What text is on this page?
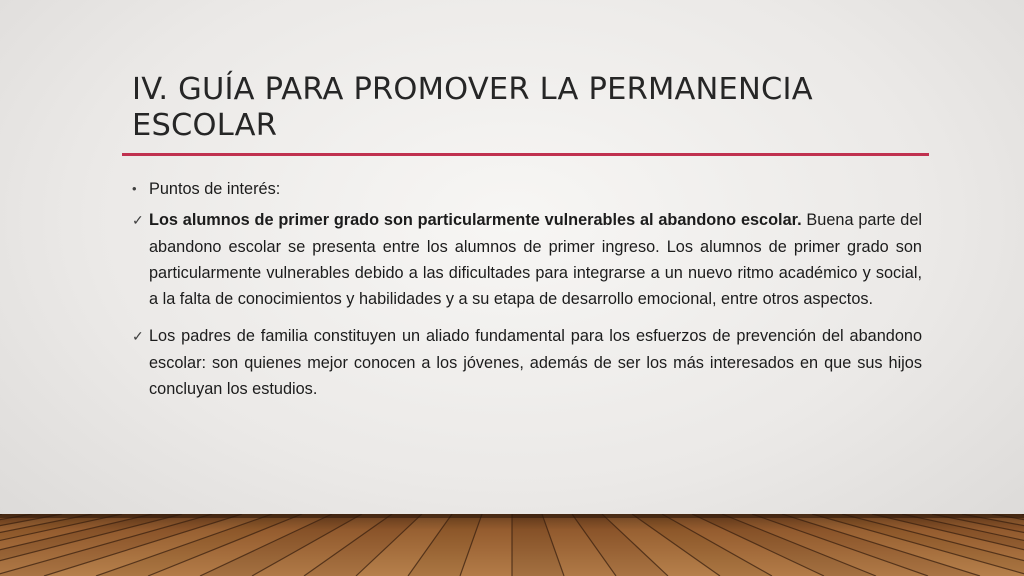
IV. GUÍA PARA PROMOVER LA PERMANENCIA ESCOLAR
• Puntos de interés:
✓ Los alumnos de primer grado son particularmente vulnerables al abandono escolar. Buena parte del abandono escolar se presenta entre los alumnos de primer ingreso. Los alumnos de primer grado son particularmente vulnerables debido a las dificultades para integrarse a un nuevo ritmo académico y social, a la falta de conocimientos y habilidades y a su etapa de desarrollo emocional, entre otros aspectos.
✓ Los padres de familia constituyen un aliado fundamental para los esfuerzos de prevención del abandono escolar: son quienes mejor conocen a los jóvenes, además de ser los más interesados en que sus hijos concluyan los estudios.
